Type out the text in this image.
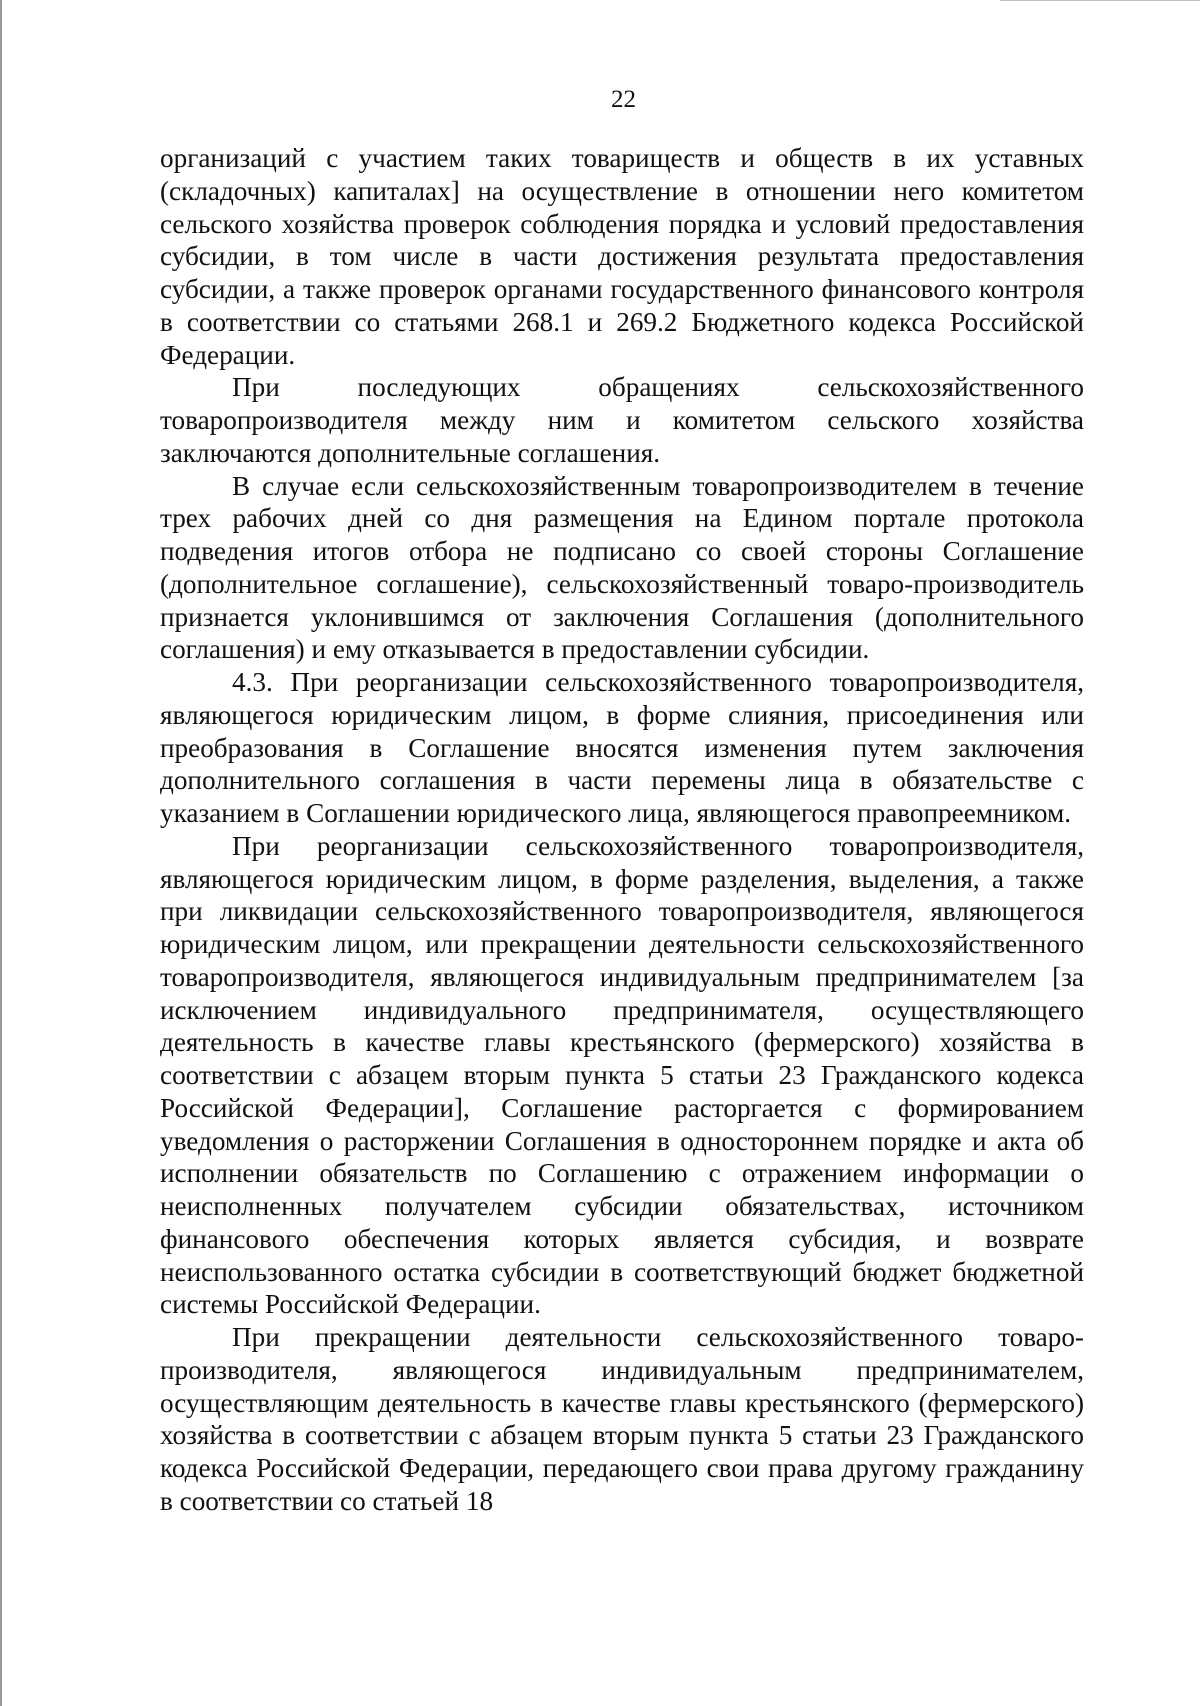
22

организаций с участием таких товариществ и обществ в их уставных (складочных) капиталах] на осуществление в отношении него комитетом сельского хозяйства проверок соблюдения порядка и условий предоставления субсидии, в том числе в части достижения результата предоставления субсидии, а также проверок органами государственного финансового контроля в соответствии со статьями 268.1 и 269.2 Бюджетного кодекса Российской Федерации.

При последующих обращениях сельскохозяйственного товаропроизводителя между ним и комитетом сельского хозяйства заключаются дополнительные соглашения.

В случае если сельскохозяйственным товаропроизводителем в течение трех рабочих дней со дня размещения на Едином портале протокола подведения итогов отбора не подписано со своей стороны Соглашение (дополнительное соглашение), сельскохозяйственный товаро-производитель признается уклонившимся от заключения Соглашения (дополнительного соглашения) и ему отказывается в предоставлении субсидии.

4.3. При реорганизации сельскохозяйственного товаропроизводителя, являющегося юридическим лицом, в форме слияния, присоединения или преобразования в Соглашение вносятся изменения путем заключения дополнительного соглашения в части перемены лица в обязательстве с указанием в Соглашении юридического лица, являющегося правопреемником.

При реорганизации сельскохозяйственного товаропроизводителя, являющегося юридическим лицом, в форме разделения, выделения, а также при ликвидации сельскохозяйственного товаропроизводителя, являющегося юридическим лицом, или прекращении деятельности сельскохозяйственного товаропроизводителя, являющегося индивидуальным предпринимателем [за исключением индивидуального предпринимателя, осуществляющего деятельность в качестве главы крестьянского (фермерского) хозяйства в соответствии с абзацем вторым пункта 5 статьи 23 Гражданского кодекса Российской Федерации], Соглашение расторгается с формированием уведомления о расторжении Соглашения в одностороннем порядке и акта об исполнении обязательств по Соглашению с отражением информации о неисполненных получателем субсидии обязательствах, источником финансового обеспечения которых является субсидия, и возврате неиспользованного остатка субсидии в соответствующий бюджет бюджетной системы Российской Федерации.

При прекращении деятельности сельскохозяйственного товаро-производителя, являющегося индивидуальным предпринимателем, осуществляющим деятельность в качестве главы крестьянского (фермерского) хозяйства в соответствии с абзацем вторым пункта 5 статьи 23 Гражданского кодекса Российской Федерации, передающего свои права другому гражданину в соответствии со статьей 18
